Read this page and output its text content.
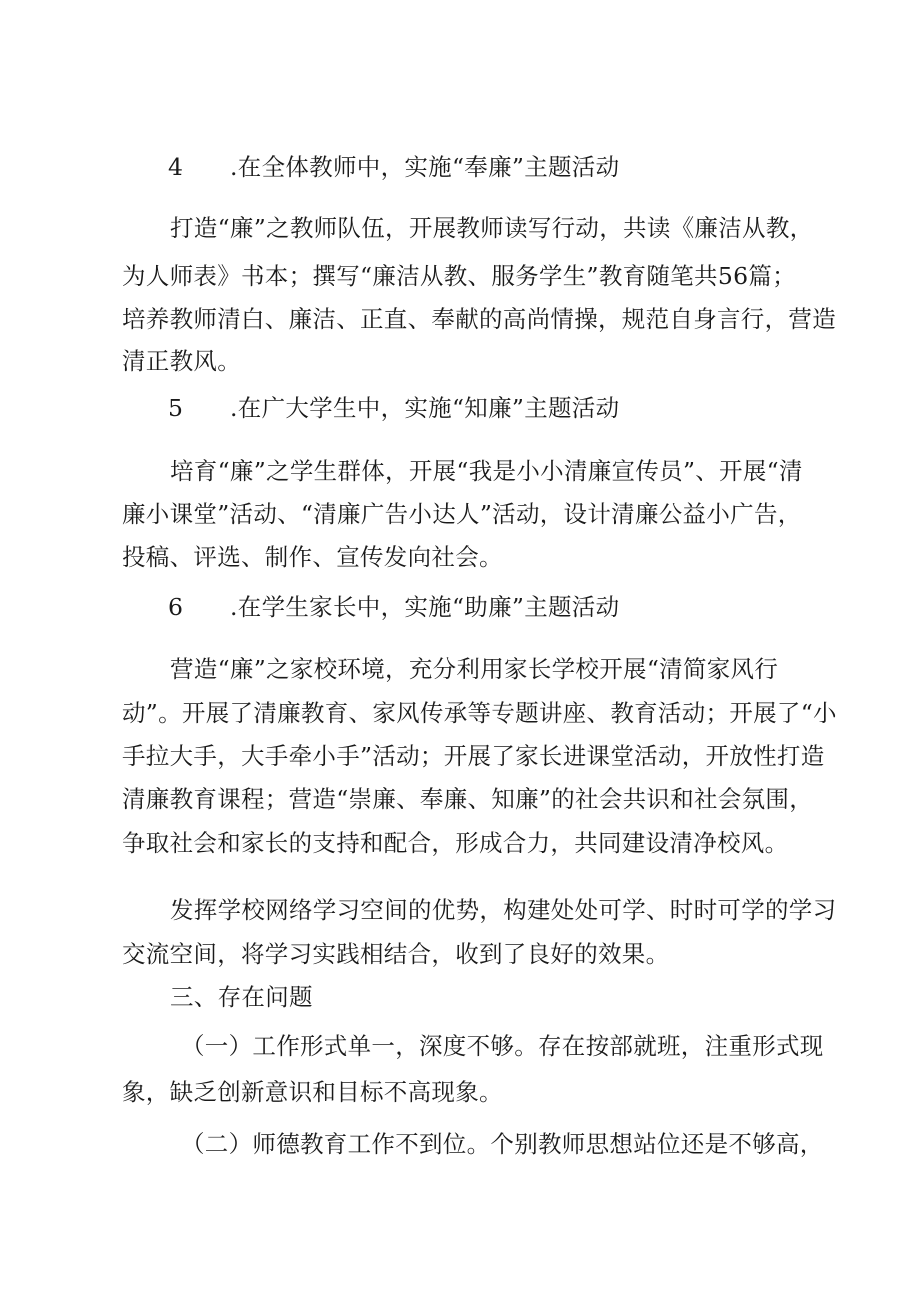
4 .在全体教师中，实施“奉廉”主题活动
打造“廉”之教师队伍，开展教师读写行动，共读《廉洁从教，
为人师表》书本；撰写“廉洁从教、服务学生”教育随笔共56篇；
培养教师清白、廉洁、正直、奉献的高尚情操，规范自身言行，营造
清正教风。
5 .在广大学生中，实施“知廉”主题活动
培育“廉”之学生群体，开展“我是小小清廉宣传员”、开展“清
廉小课堂”活动、“清廉广告小达人”活动，设计清廉公益小广告，
投稿、评选、制作、宣传发向社会。
6 .在学生家长中，实施“助廉”主题活动
营造“廉”之家校环境，充分利用家长学校开展“清简家风行
动”。开展了清廉教育、家风传承等专题讲座、教育活动；开展了“小
手拉大手，大手牵小手”活动；开展了家长进课堂活动，开放性打造
清廉教育课程；营造“崇廉、奉廉、知廉”的社会共识和社会氛围，
争取社会和家长的支持和配合，形成合力，共同建设清净校风。
发挥学校网络学习空间的优势，构建处处可学、时时可学的学习
交流空间，将学习实践相结合，收到了良好的效果。
三、存在问题
（一）工作形式单一，深度不够。存在按部就班，注重形式现
象，缺乏创新意识和目标不高现象。
（二）师德教育工作不到位。个别教师思想站位还是不够高，
